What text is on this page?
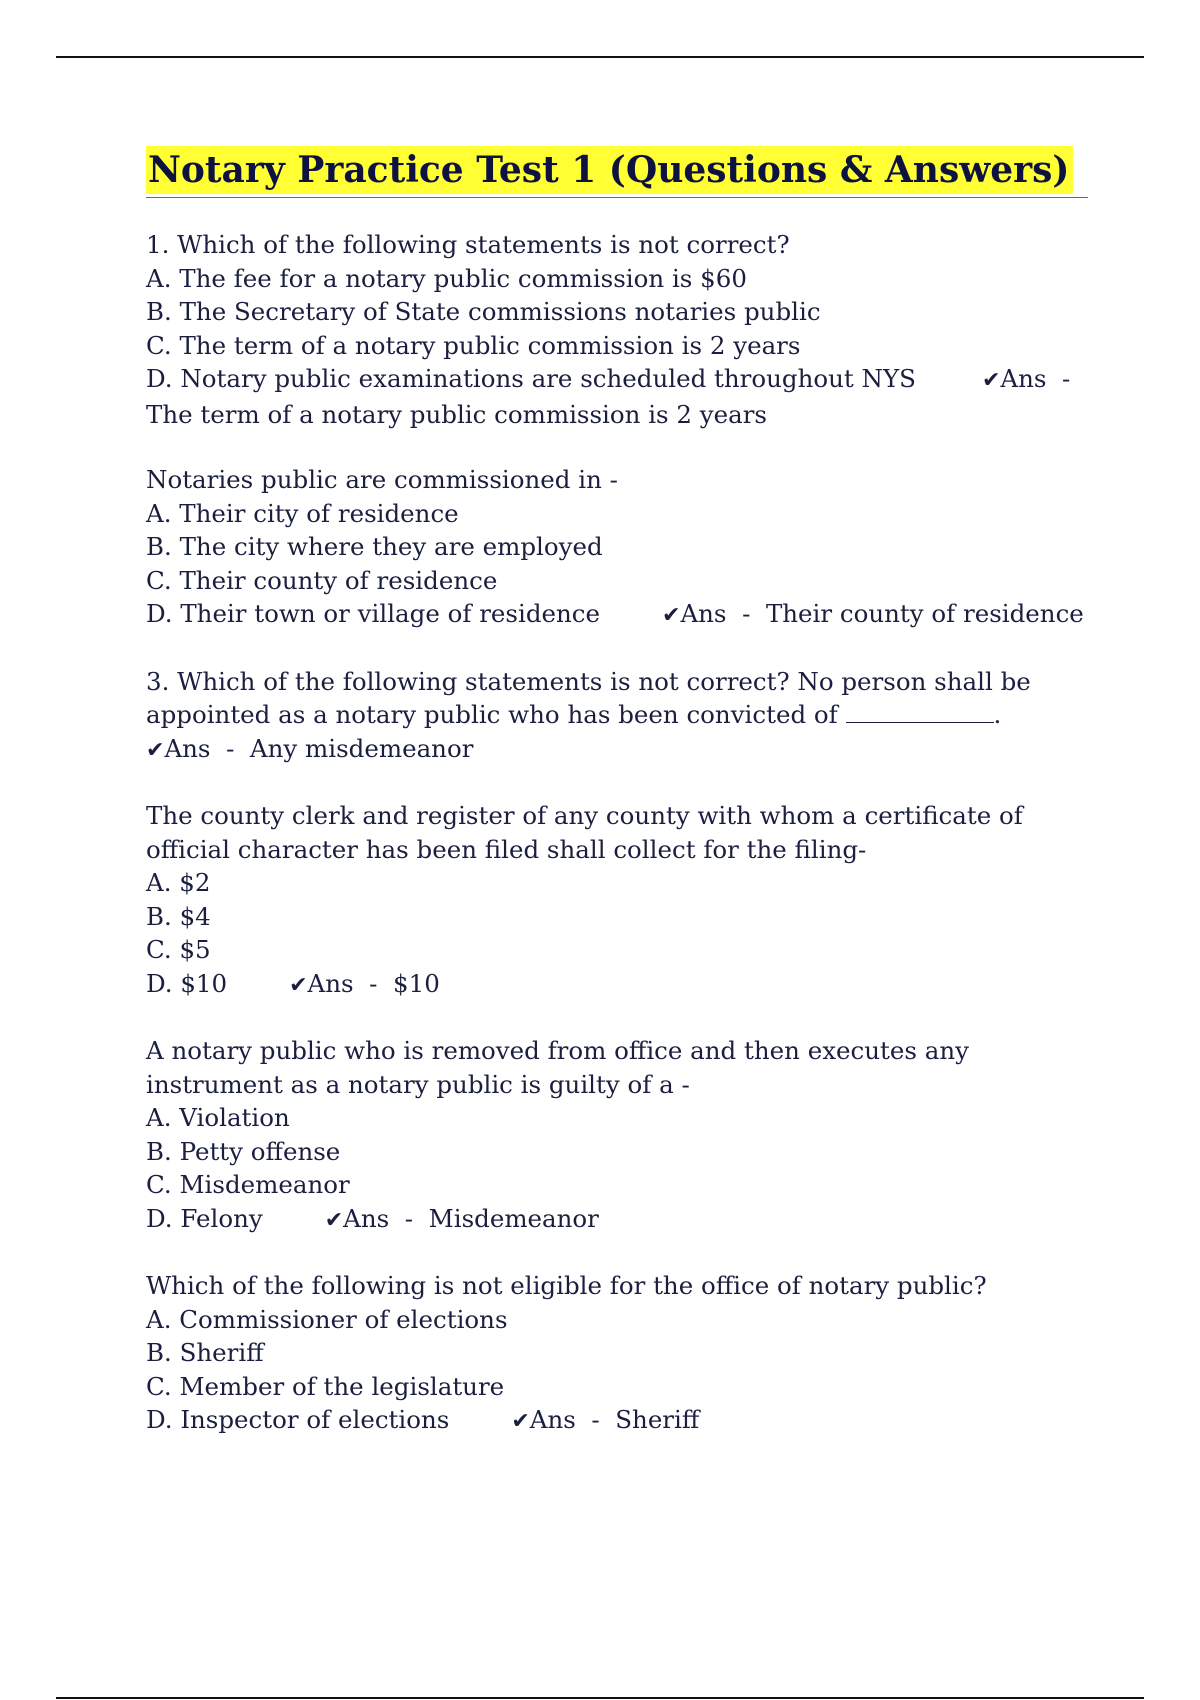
Notary Practice Test 1 (Questions & Answers)
1. Which of the following statements is not correct?
A. The fee for a notary public commission is $60
B. The Secretary of State commissions notaries public
C. The term of a notary public commission is 2 years
D. Notary public examinations are scheduled throughout NYS	✔Ans -
The term of a notary public commission is 2 years
Notaries public are commissioned in -
A. Their city of residence
B. The city where they are employed
C. Their county of residence
D. Their town or village of residence	✔Ans - Their county of residence
3. Which of the following statements is not correct? No person shall be appointed as a notary public who has been convicted of	.
✔Ans - Any misdemeanor
The county clerk and register of any county with whom a certificate of official character has been filed shall collect for the filing-
A. $2
B. $4
C. $5
D. $10	✔Ans - $10
A notary public who is removed from office and then executes any instrument as a notary public is guilty of a -
A. Violation
B. Petty offense
C. Misdemeanor
D. Felony	✔Ans - Misdemeanor
Which of the following is not eligible for the office of notary public?
A. Commissioner of elections
B. Sheriff
C. Member of the legislature
D. Inspector of elections	✔Ans - Sheriff
